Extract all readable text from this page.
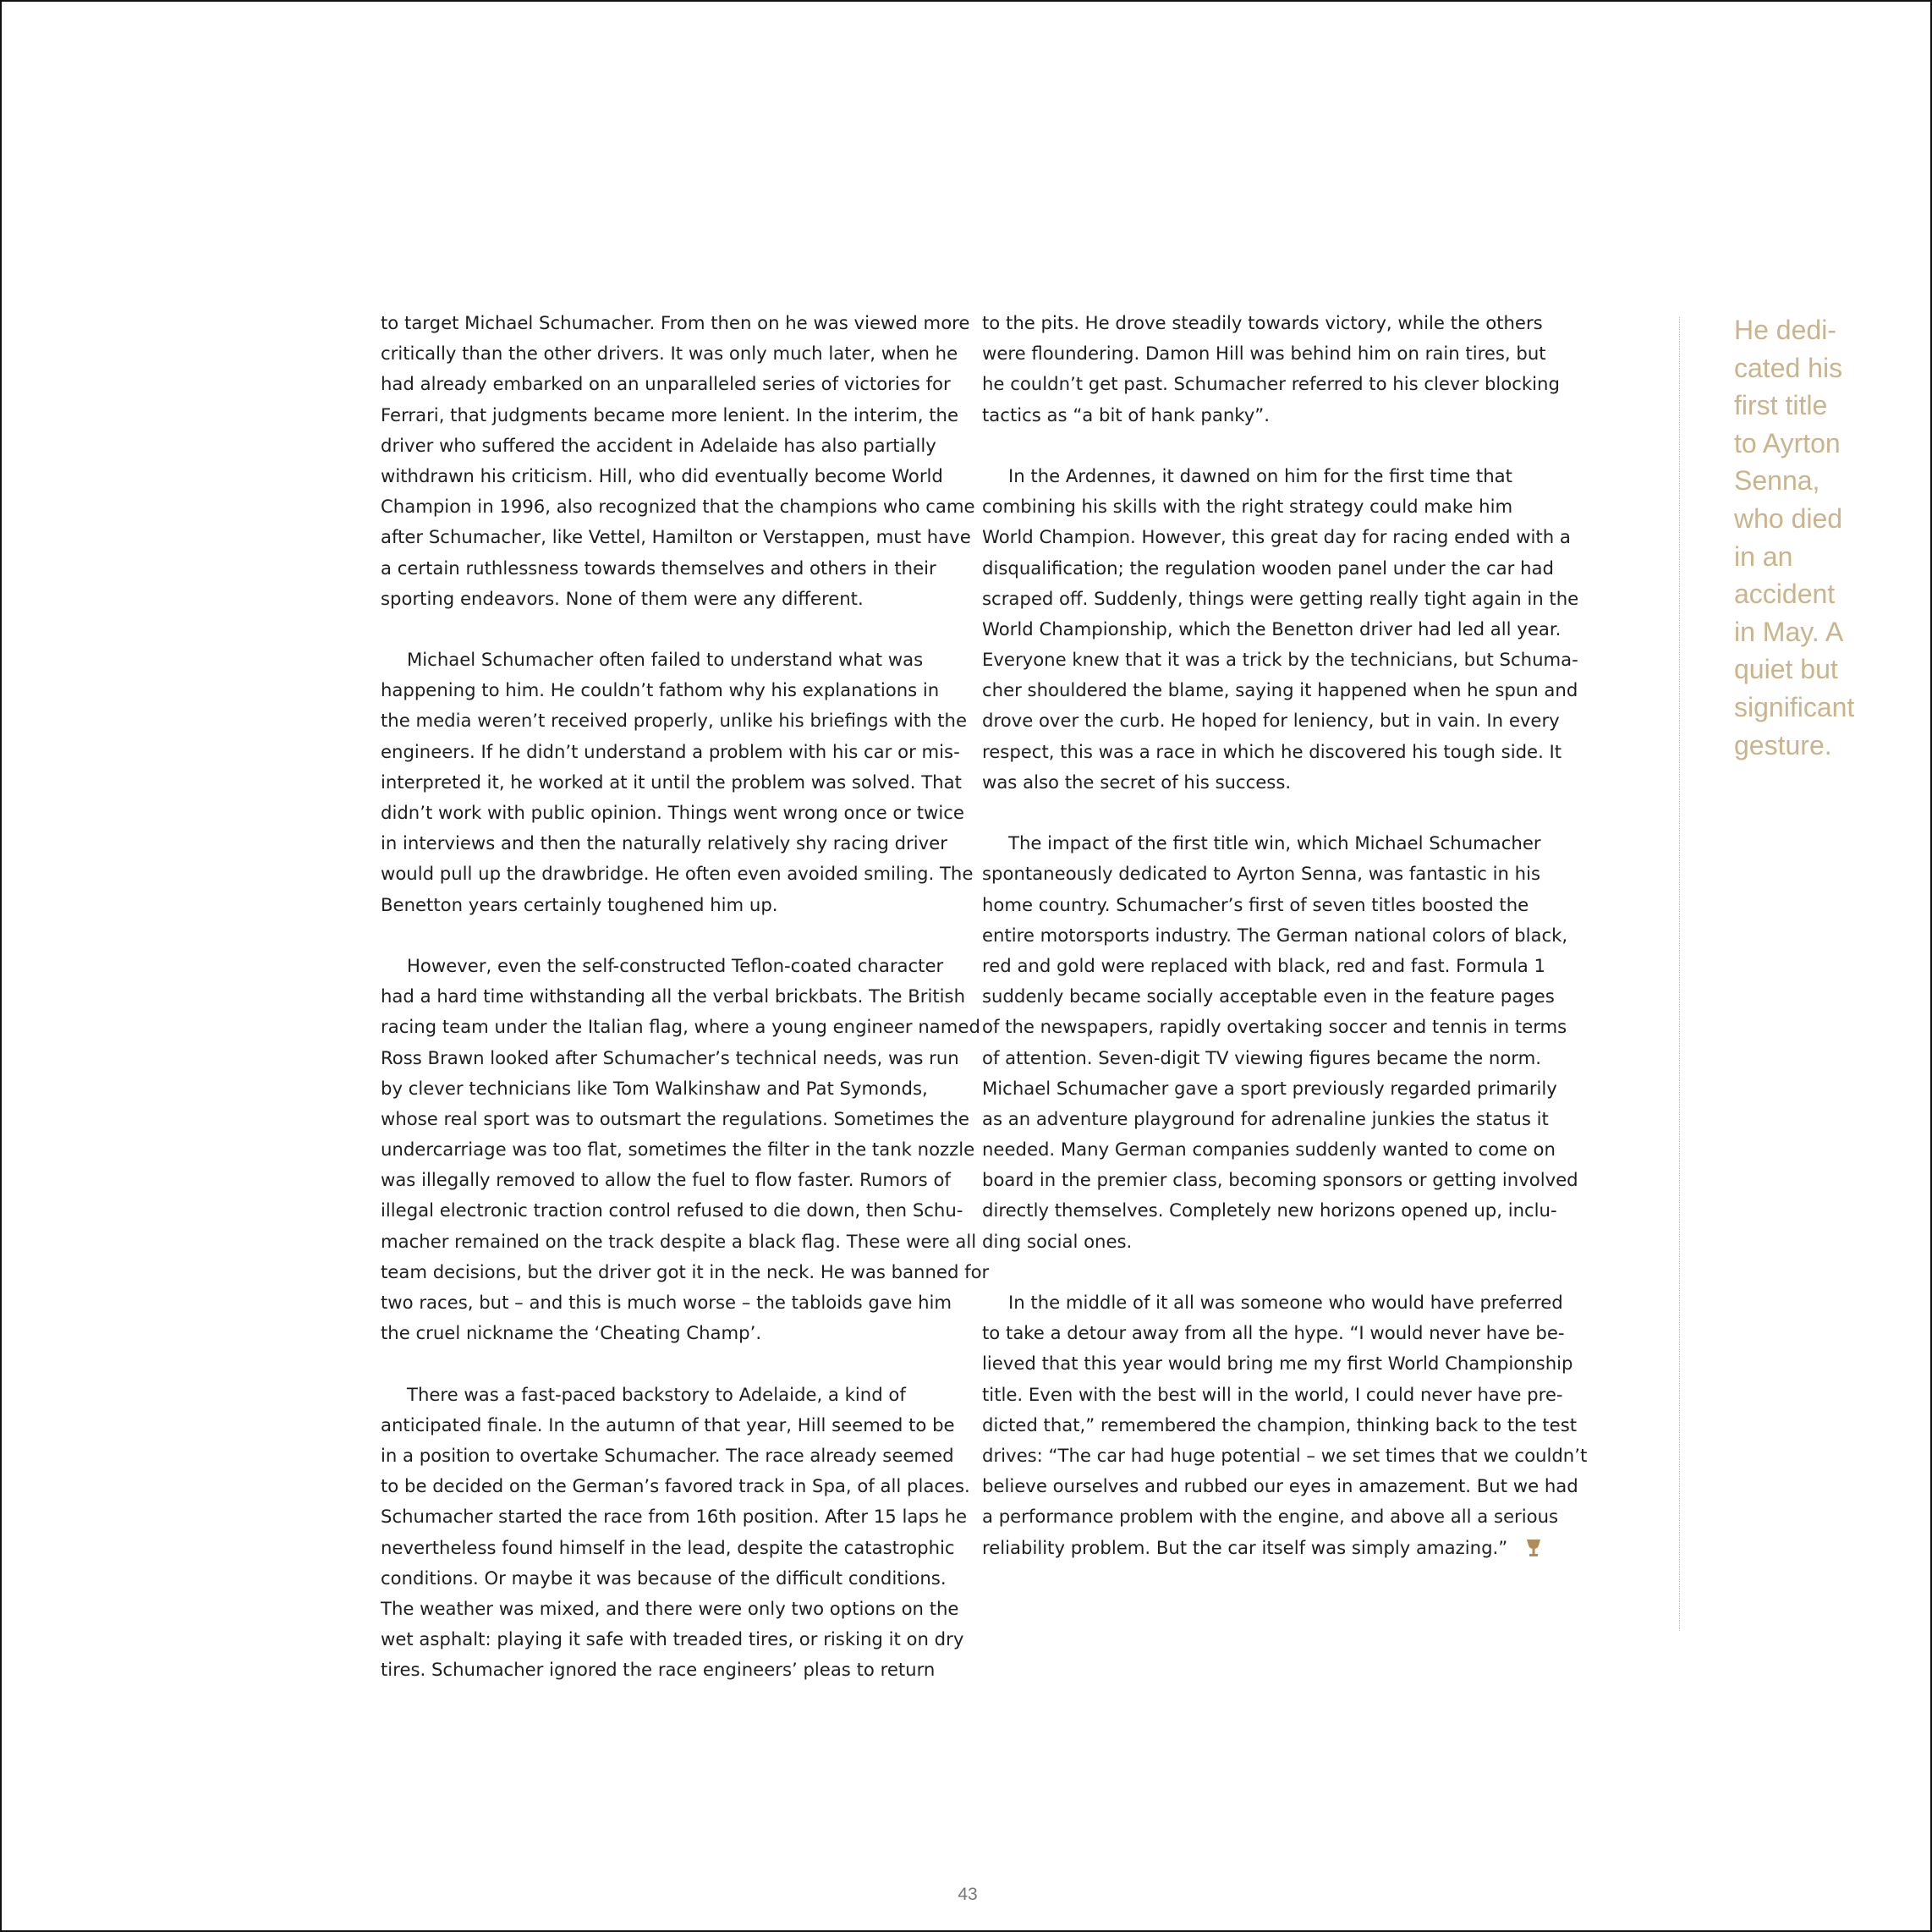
to target Michael Schumacher. From then on he was viewed more
critically than the other drivers. It was only much later, when he
had already embarked on an unparalleled series of victories for
Ferrari, that judgments became more lenient. In the interim, the
driver who suffered the accident in Adelaide has also partially
withdrawn his criticism. Hill, who did eventually become World
Champion in 1996, also recognized that the champions who came
after Schumacher, like Vettel, Hamilton or Verstappen, must have
a certain ruthlessness towards themselves and others in their
sporting endeavors. None of them were any different.
Michael Schumacher often failed to understand what was
happening to him. He couldn’t fathom why his explanations in
the media weren’t received properly, unlike his briefings with the
engineers. If he didn’t understand a problem with his car or mis-
interpreted it, he worked at it until the problem was solved. That
didn’t work with public opinion. Things went wrong once or twice
in interviews and then the naturally relatively shy racing driver
would pull up the drawbridge. He often even avoided smiling. The
Benetton years certainly toughened him up.
However, even the self-constructed Teflon-coated character
had a hard time withstanding all the verbal brickbats. The British
racing team under the Italian flag, where a young engineer named
Ross Brawn looked after Schumacher’s technical needs, was run
by clever technicians like Tom Walkinshaw and Pat Symonds,
whose real sport was to outsmart the regulations. Sometimes the
undercarriage was too flat, sometimes the filter in the tank nozzle
was illegally removed to allow the fuel to flow faster. Rumors of
illegal electronic traction control refused to die down, then Schu-
macher remained on the track despite a black flag. These were all
team decisions, but the driver got it in the neck. He was banned for
two races, but – and this is much worse – the tabloids gave him
the cruel nickname the ‘Cheating Champ’.
There was a fast-paced backstory to Adelaide, a kind of
anticipated finale. In the autumn of that year, Hill seemed to be
in a position to overtake Schumacher. The race already seemed
to be decided on the German’s favored track in Spa, of all places.
Schumacher started the race from 16th position. After 15 laps he
nevertheless found himself in the lead, despite the catastrophic
conditions. Or maybe it was because of the difficult conditions.
The weather was mixed, and there were only two options on the
wet asphalt: playing it safe with treaded tires, or risking it on dry
tires. Schumacher ignored the race engineers’ pleas to return
to the pits. He drove steadily towards victory, while the others
were floundering. Damon Hill was behind him on rain tires, but
he couldn’t get past. Schumacher referred to his clever blocking
tactics as “a bit of hank panky”.
In the Ardennes, it dawned on him for the first time that
combining his skills with the right strategy could make him
World Champion. However, this great day for racing ended with a
disqualification; the regulation wooden panel under the car had
scraped off. Suddenly, things were getting really tight again in the
World Championship, which the Benetton driver had led all year.
Everyone knew that it was a trick by the technicians, but Schuma-
cher shouldered the blame, saying it happened when he spun and
drove over the curb. He hoped for leniency, but in vain. In every
respect, this was a race in which he discovered his tough side. It
was also the secret of his success.
The impact of the first title win, which Michael Schumacher
spontaneously dedicated to Ayrton Senna, was fantastic in his
home country. Schumacher’s first of seven titles boosted the
entire motorsports industry. The German national colors of black,
red and gold were replaced with black, red and fast. Formula 1
suddenly became socially acceptable even in the feature pages
of the newspapers, rapidly overtaking soccer and tennis in terms
of attention. Seven-digit TV viewing figures became the norm.
Michael Schumacher gave a sport previously regarded primarily
as an adventure playground for adrenaline junkies the status it
needed. Many German companies suddenly wanted to come on
board in the premier class, becoming sponsors or getting involved
directly themselves. Completely new horizons opened up, inclu-
ding social ones.
In the middle of it all was someone who would have preferred
to take a detour away from all the hype. “I would never have be-
lieved that this year would bring me my first World Championship
title. Even with the best will in the world, I could never have pre-
dicted that,” remembered the champion, thinking back to the test
drives: “The car had huge potential – we set times that we couldn’t
believe ourselves and rubbed our eyes in amazement. But we had
a performance problem with the engine, and above all a serious
reliability problem. But the car itself was simply amazing.”
He dedi-
cated his
first title
to Ayrton
Senna,
who died
in an
accident
in May. A
quiet but
significant
gesture.
43
